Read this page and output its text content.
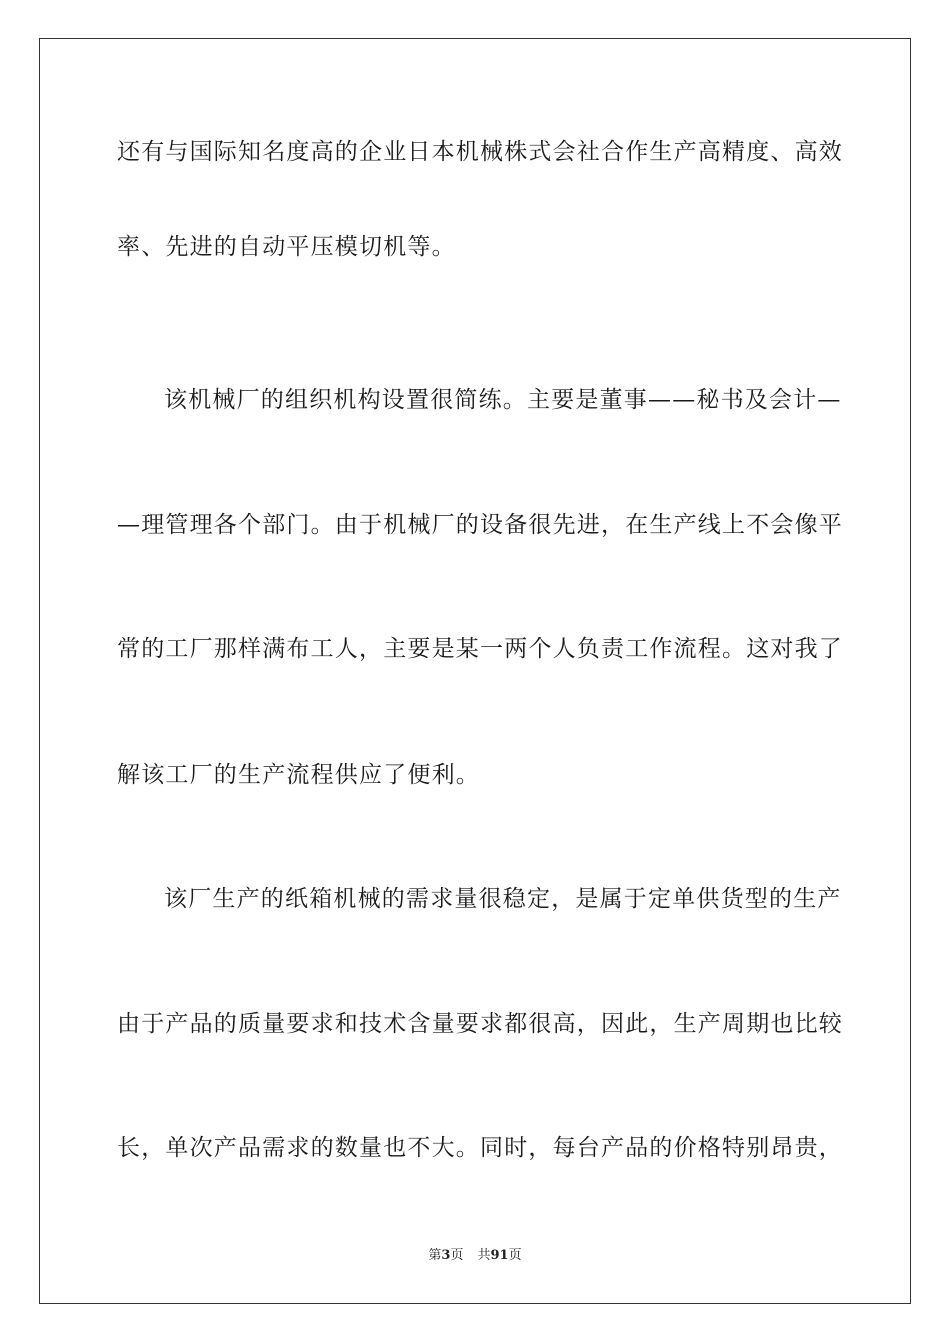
还有与国际知名度高的企业日本机械株式会社合作生产高精度、高效
率、先进的自动平压模切机等。
该机械厂的组织机构设置很简练。主要是董事——秘书及会计—
—理管理各个部门。由于机械厂的设备很先进，在生产线上不会像平
常的工厂那样满布工人，主要是某一两个人负责工作流程。这对我了
解该工厂的生产流程供应了便利。
该厂生产的纸箱机械的需求量很稳定，是属于定单供货型的生产
由于产品的质量要求和技术含量要求都很高，因此，生产周期也比较
长，单次产品需求的数量也不大。同时，每台产品的价格特别昂贵，
第3页 共91页
